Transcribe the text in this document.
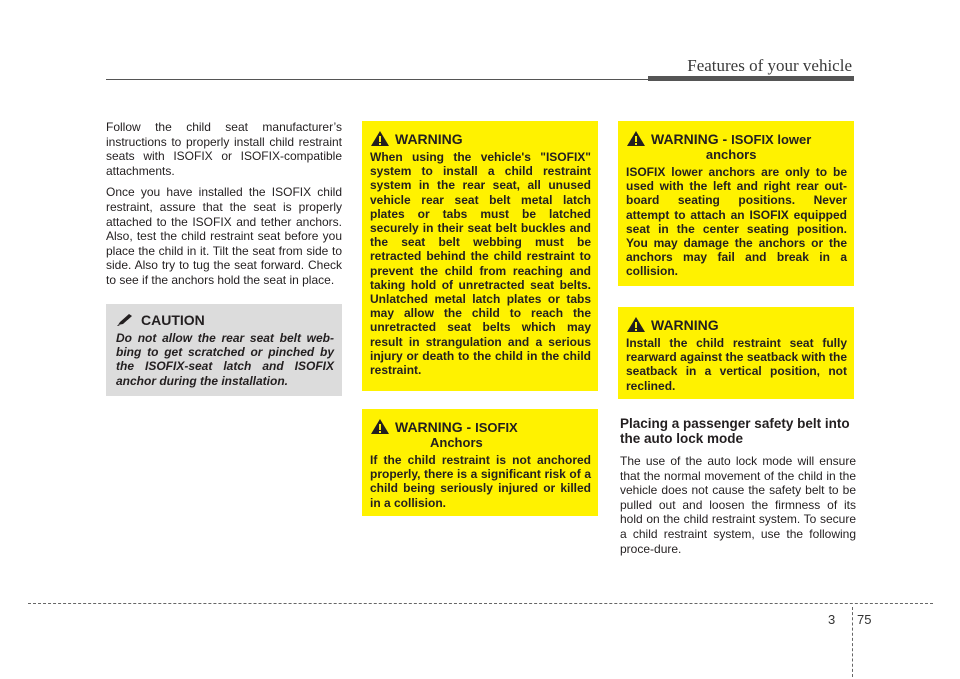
Features of your vehicle

Follow the child seat manufacturer’s instructions to properly install child restraint seats with ISOFIX or ISOFIX-compatible attachments.

Once you have installed the ISOFIX child restraint, assure that the seat is properly attached to the ISOFIX and tether anchors. Also, test the child restraint seat before you place the child in it. Tilt the seat from side to side. Also try to tug the seat forward. Check to see if the anchors hold the seat in place.

CAUTION
Do not allow the rear seat belt web-bing to get scratched or pinched by the ISOFIX-seat latch and ISOFIX anchor during the installation.
WARNING
When using the vehicle's "ISOFIX" system to install a child restraint system in the rear seat, all unused vehicle rear seat belt metal latch plates or tabs must be latched securely in their seat belt buckles and the seat belt webbing must be retracted behind the child restraint to prevent the child from reaching and taking hold of unretracted seat belts. Unlatched metal latch plates or tabs may allow the child to reach the unretracted seat belts which may result in strangulation and a serious injury or death to the child in the child restraint.
WARNING - ISOFIX
Anchors
If the child restraint is not anchored properly, there is a significant risk of a child being seriously injured or killed in a collision.
WARNING - ISOFIX lower
anchors
ISOFIX lower anchors are only to be used with the left and right rear out-board seating positions. Never attempt to attach an ISOFIX equipped seat in the center seating position. You may damage the anchors or the anchors may fail and break in a collision.
WARNING
Install the child restraint seat fully rearward against the seatback with the seatback in a vertical position, not reclined.
Placing a passenger safety belt into the auto lock mode

The use of the auto lock mode will ensure that the normal movement of the child in the vehicle does not cause the safety belt to be pulled out and loosen the firmness of its hold on the child restraint system. To secure a child restraint system, use the following proce-dure.

3 75
